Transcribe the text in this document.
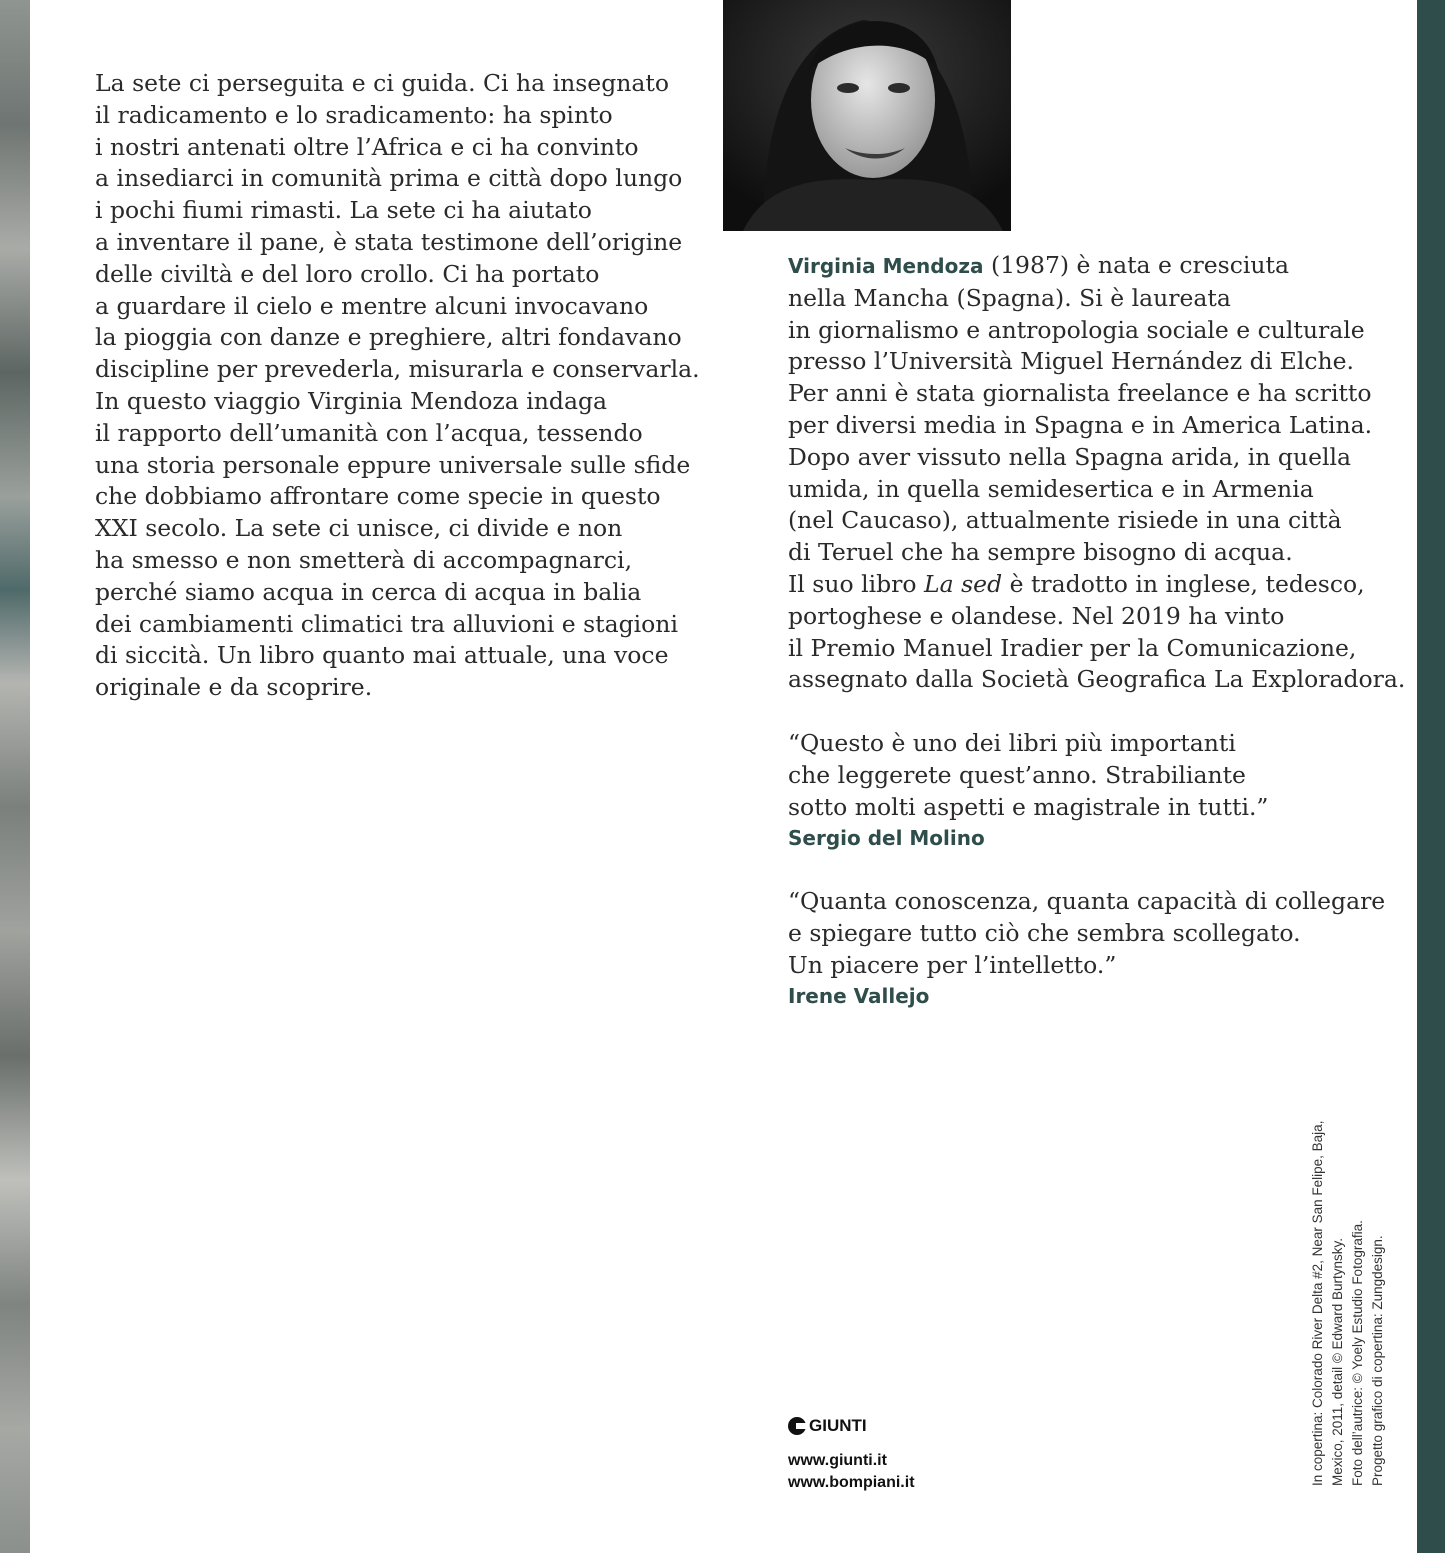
La sete ci perseguita e ci guida. Ci ha insegnato
il radicamento e lo sradicamento: ha spinto
i nostri antenati oltre l’Africa e ci ha convinto
a insediarci in comunità prima e città dopo lungo
i pochi fiumi rimasti. La sete ci ha aiutato
a inventare il pane, è stata testimone dell’origine
delle civiltà e del loro crollo. Ci ha portato
a guardare il cielo e mentre alcuni invocavano
la pioggia con danze e preghiere, altri fondavano
discipline per prevederla, misurarla e conservarla.
In questo viaggio Virginia Mendoza indaga
il rapporto dell’umanità con l’acqua, tessendo
una storia personale eppure universale sulle sfide
che dobbiamo affrontare come specie in questo
XXI secolo. La sete ci unisce, ci divide e non
ha smesso e non smetterà di accompagnarci,
perché siamo acqua in cerca di acqua in balia
dei cambiamenti climatici tra alluvioni e stagioni
di siccità. Un libro quanto mai attuale, una voce
originale e da scoprire.
Virginia Mendoza (1987) è nata e cresciuta
nella Mancha (Spagna). Si è laureata
in giornalismo e antropologia sociale e culturale
presso l’Università Miguel Hernández di Elche.
Per anni è stata giornalista freelance e ha scritto
per diversi media in Spagna e in America Latina.
Dopo aver vissuto nella Spagna arida, in quella
umida, in quella semidesertica e in Armenia
(nel Caucaso), attualmente risiede in una città
di Teruel che ha sempre bisogno di acqua.
Il suo libro La sed è tradotto in inglese, tedesco,
portoghese e olandese. Nel 2019 ha vinto
il Premio Manuel Iradier per la Comunicazione,
assegnato dalla Società Geografica La Exploradora.
“Questo è uno dei libri più importanti
che leggerete quest’anno. Strabiliante
sotto molti aspetti e magistrale in tutti.”
Sergio del Molino
“Quanta conoscenza, quanta capacità di collegare
e spiegare tutto ciò che sembra scollegato.
Un piacere per l’intelletto.”
Irene Vallejo
GIUNTI
www.giunti.it
www.bompiani.it	In copertina: Colorado River Delta #2, Near San Felipe, Baja, Mexico, 2011, detail © Edward Burtynsky. Foto dell’autrice: © Yoely Estudio Fotografia. Progetto grafico di copertina: Zungdesign.
